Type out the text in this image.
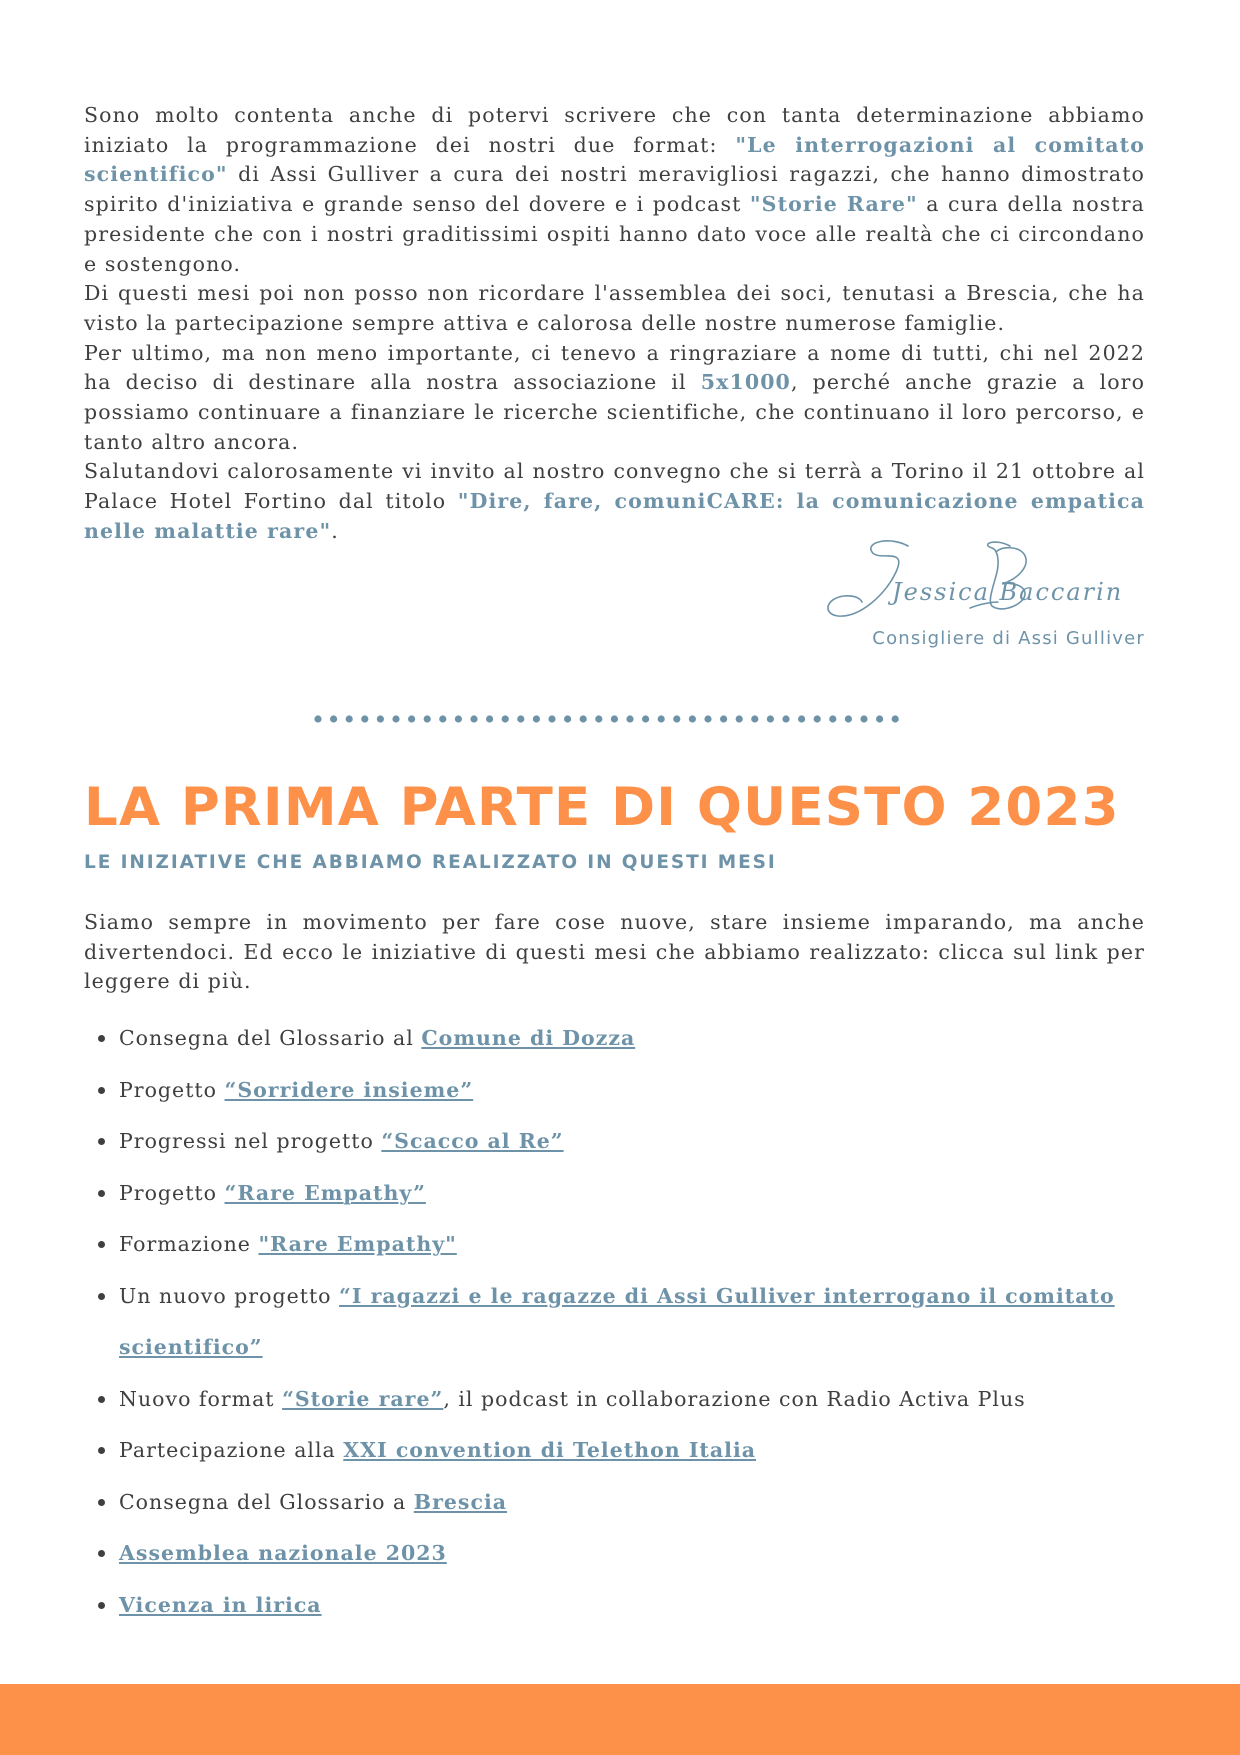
Sono molto contenta anche di potervi scrivere che con tanta determinazione abbiamo iniziato la programmazione dei nostri due format: "Le interrogazioni al comitato scientifico" di Assi Gulliver a cura dei nostri meravigliosi ragazzi, che hanno dimostrato spirito d'iniziativa e grande senso del dovere e i podcast "Storie Rare" a cura della nostra presidente che con i nostri graditissimi ospiti hanno dato voce alle realtà che ci circondano e sostengono.

Di questi mesi poi non posso non ricordare l'assemblea dei soci, tenutasi a Brescia, che ha visto la partecipazione sempre attiva e calorosa delle nostre numerose famiglie.

Per ultimo, ma non meno importante, ci tenevo a ringraziare a nome di tutti, chi nel 2022 ha deciso di destinare alla nostra associazione il 5x1000, perché anche grazie a loro possiamo continuare a finanziare le ricerche scientifiche, che continuano il loro percorso, e tanto altro ancora.

Salutandovi calorosamente vi invito al nostro convegno che si terrà a Torino il 21 ottobre al Palace Hotel Fortino dal titolo "Dire, fare, comuniCARE: la comunicazione empatica nelle malattie rare".

Jessica Baccarin
Consigliere di Assi Gulliver
LA PRIMA PARTE DI QUESTO 2023
LE INIZIATIVE CHE ABBIAMO REALIZZATO IN QUESTI MESI

Siamo sempre in movimento per fare cose nuove, stare insieme imparando, ma anche divertendoci. Ed ecco le iniziative di questi mesi che abbiamo realizzato: clicca sul link per leggere di più.

Consegna del Glossario al Comune di Dozza
Progetto “Sorridere insieme”
Progressi nel progetto “Scacco al Re”
Progetto “Rare Empathy”
Formazione "Rare Empathy"
Un nuovo progetto “I ragazzi e le ragazze di Assi Gulliver interrogano il comitato scientifico”
Nuovo format “Storie rare”, il podcast in collaborazione con Radio Activa Plus
Partecipazione alla XXI convention di Telethon Italia
Consegna del Glossario a Brescia
Assemblea nazionale 2023
Vicenza in lirica
